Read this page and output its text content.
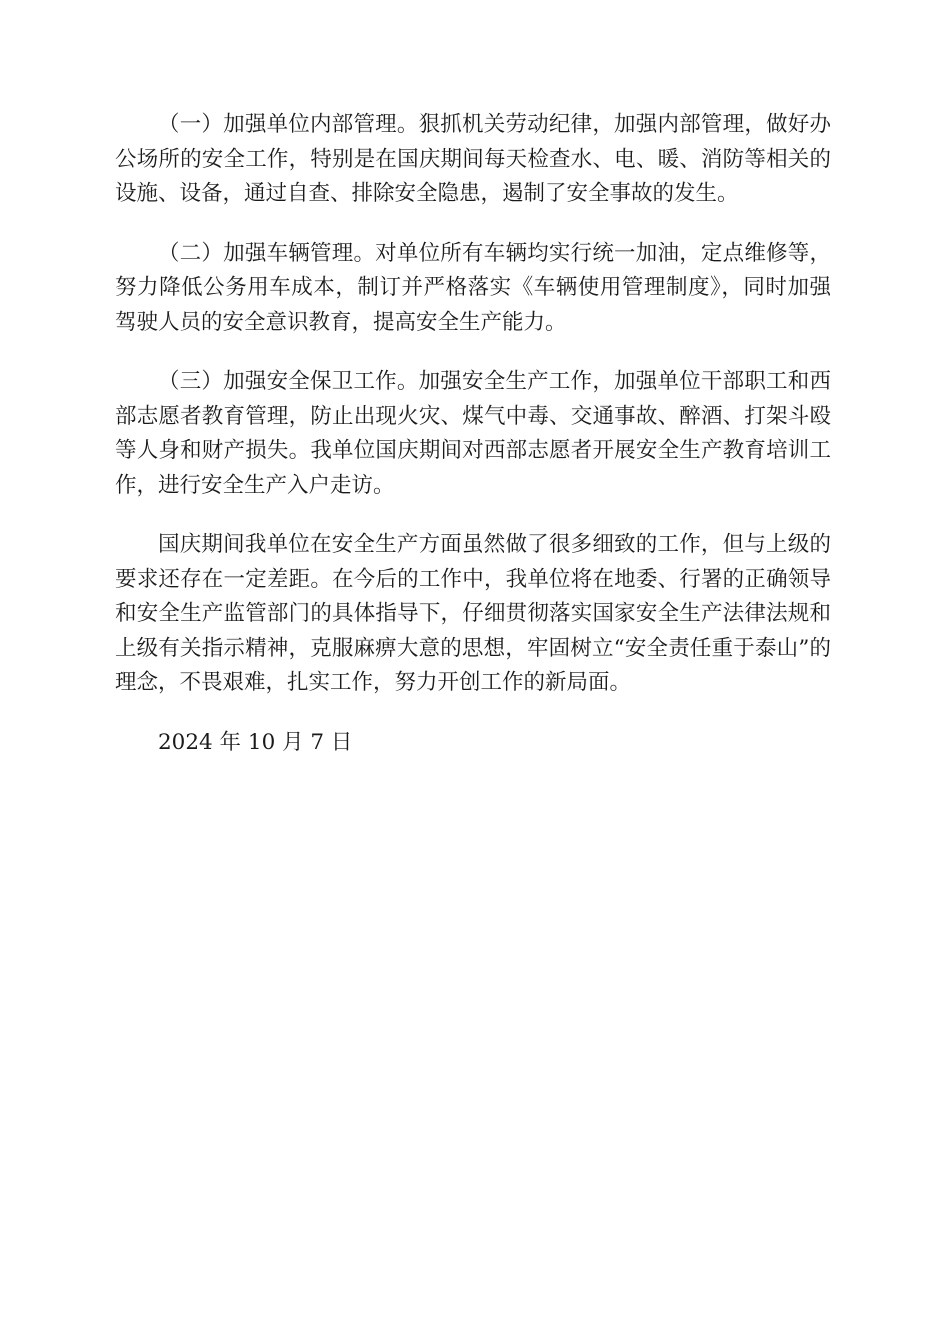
（一）加强单位内部管理。狠抓机关劳动纪律，加强内部管理，做好办公场所的安全工作，特别是在国庆期间每天检查水、电、暖、消防等相关的设施、设备，通过自查、排除安全隐患，遏制了安全事故的发生。

（二）加强车辆管理。对单位所有车辆均实行统一加油，定点维修等，努力降低公务用车成本，制订并严格落实《车辆使用管理制度》，同时加强驾驶人员的安全意识教育，提高安全生产能力。

（三）加强安全保卫工作。加强安全生产工作，加强单位干部职工和西部志愿者教育管理，防止出现火灾、煤气中毒、交通事故、醉酒、打架斗殴等人身和财产损失。我单位国庆期间对西部志愿者开展安全生产教育培训工作，进行安全生产入户走访。

国庆期间我单位在安全生产方面虽然做了很多细致的工作，但与上级的要求还存在一定差距。在今后的工作中，我单位将在地委、行署的正确领导和安全生产监管部门的具体指导下，仔细贯彻落实国家安全生产法律法规和上级有关指示精神，克服麻痹大意的思想，牢固树立“安全责任重于泰山”的理念，不畏艰难，扎实工作，努力开创工作的新局面。

2024 年 10 月 7 日
